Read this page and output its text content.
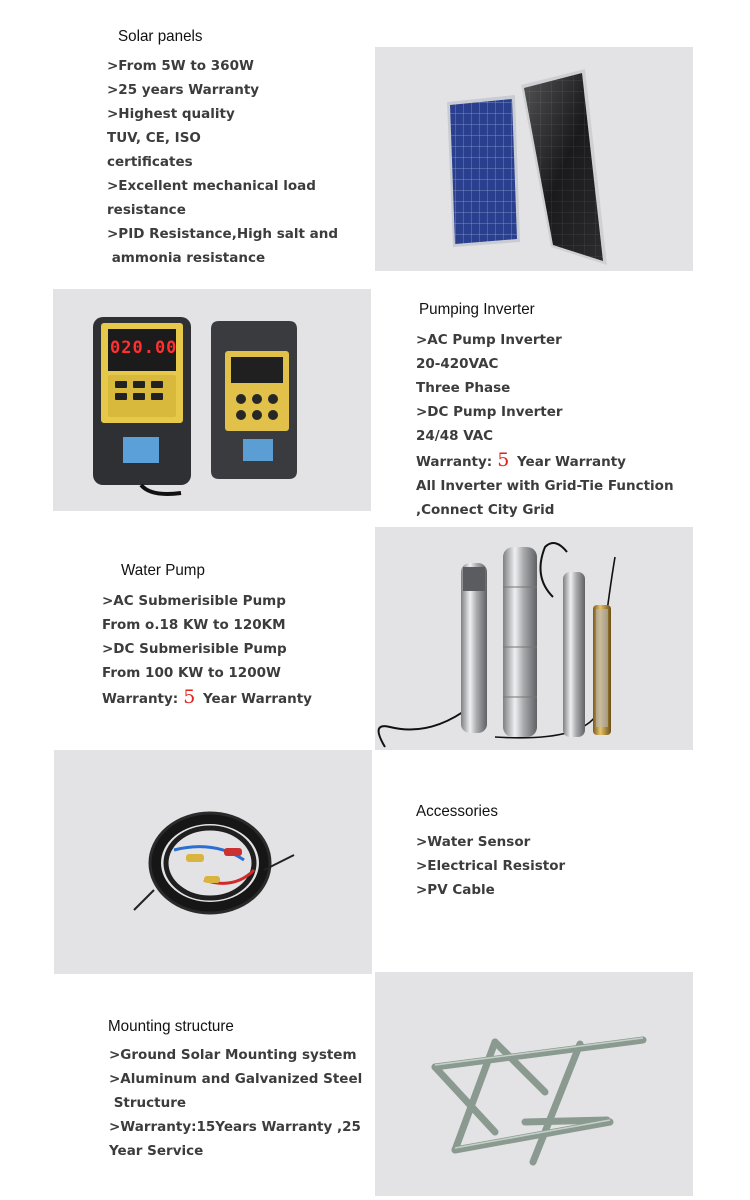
Solar panels
>From 5W to 360W
>25 years Warranty
>Highest quality
TUV, CE, ISO
certificates
>Excellent mechanical load
resistance
>PID Resistance,High salt and
ammonia resistance
020.00
Pumping Inverter
>AC Pump Inverter
20-420VAC
Three Phase
>DC Pump Inverter
24/48 VAC
Warranty: 5 Year Warranty
All Inverter with Grid-Tie Function
,Connect City Grid
Water Pump
>AC Submerisible Pump
From o.18 KW to 120KM
>DC Submerisible Pump
From 100 KW to 1200W
Warranty: 5 Year Warranty
Accessories
>Water Sensor
>Electrical Resistor
>PV Cable
Mounting structure
>Ground Solar Mounting system
>Aluminum and Galvanized Steel
Structure
>Warranty:15Years Warranty ,25
Year Service
